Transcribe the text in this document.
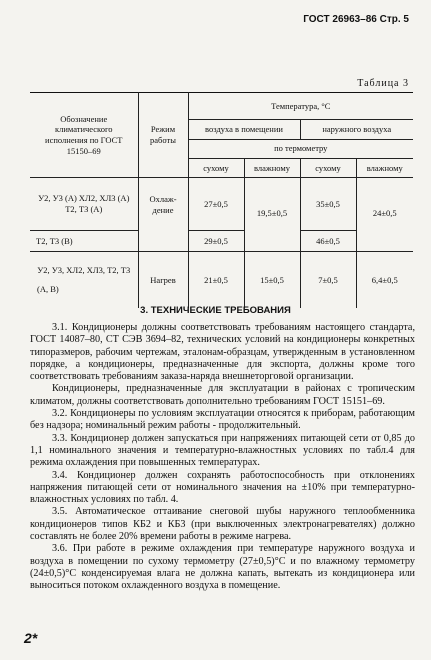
ГОСТ 26963–86 Стр. 5
Таблица 3
Обозначение климатического исполнения по ГОСТ 15150–69	Режим работы	Температура, °С			
		воздуха в помещении		наружного воздуха	
		по термометру			
		сухому	влажному	сухому	влажному
У2, У3 (А) ХЛ2, ХЛ3 (А) Т2, Т3 (А)	Охлаж-дение	27±0,5	19,5±0,5	35±0,5	24±0,5
Т2, Т3 (В)		29±0,5		46±0,5	

У2, У3, ХЛ2, ХЛ3, Т2, Т3
(А, В)	Нагрев	21±0,5	15±0,5	7±0,5	6,4±0,5
3. ТЕХНИЧЕСКИЕ ТРЕБОВАНИЯ

3.1. Кондиционеры должны соответствовать требованиям настоящего стандарта, ГОСТ 14087–80, СТ СЭВ 3694–82, технических условий на кондиционеры конкретных типоразмеров, рабочим чертежам, эталонам-образцам, утвержденным в установленном порядке, а кондиционеры, предназначенные для экспорта, должны кроме того соответствовать требованиям заказа-наряда внешнеторговой организации.

Кондиционеры, предназначенные для эксплуатации в районах с тропическим климатом, должны соответствовать дополнительно требованиям ГОСТ 15151–69.

3.2. Кондиционеры по условиям эксплуатации относятся к приборам, работающим без надзора; номинальный режим работы - продолжительный.

3.3. Кондиционер должен запускаться при напряжениях питающей сети от 0,85 до 1,1 номинального значения и температурно-влажностных условиях по табл.4 для режима охлаждения при повышенных температурах.

3.4. Кондиционер должен сохранять работоспособность при отклонениях напряжения питающей сети от номинального значения на ±10% при температурно-влажностных условиях по табл. 4.

3.5. Автоматическое оттаивание снеговой шубы наружного теплообменника кондиционеров типов КБ2 и КБ3 (при выключенных электронагревателях) должно составлять не более 20% времени работы в режиме нагрева.

3.6. При работе в режиме охлаждения при температуре наружного воздуха и воздуха в помещении по сухому термометру (27±0,5)°С и по влажному термометру (24±0,5)°С конденсируемая влага не должна капать, вытекать из кондиционера или выноситься потоком охлажденного воздуха в помещение.

2*
